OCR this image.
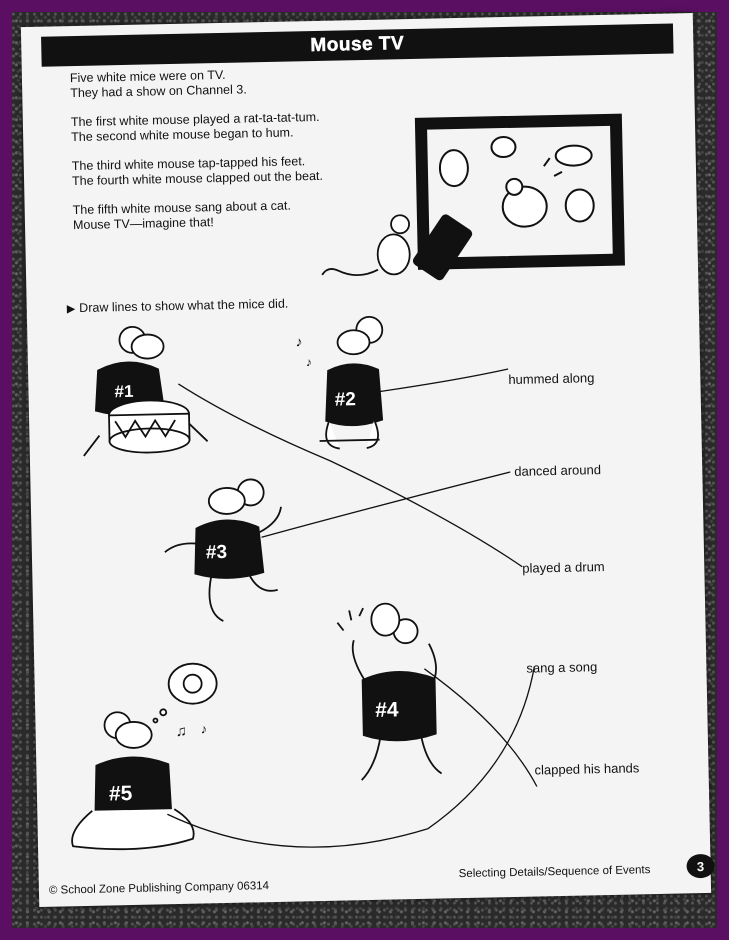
Mouse TV
Five white mice were on TV.
They had a show on Channel 3.
The first white mouse played a rat-ta-tat-tum.
The second white mouse began to hum.
The third white mouse tap-tapped his feet.
The fourth white mouse clapped out the beat.
The fifth white mouse sang about a cat.
Mouse TV—imagine that!
▶ Draw lines to show what the mice did.
♪
♪
♫ ♪
#1	#2
#3
#4
#5
hummed along
danced around
played a drum
sang a song
clapped his hands
© School Zone Publishing Company 06314
Selecting Details/Sequence of Events	3
